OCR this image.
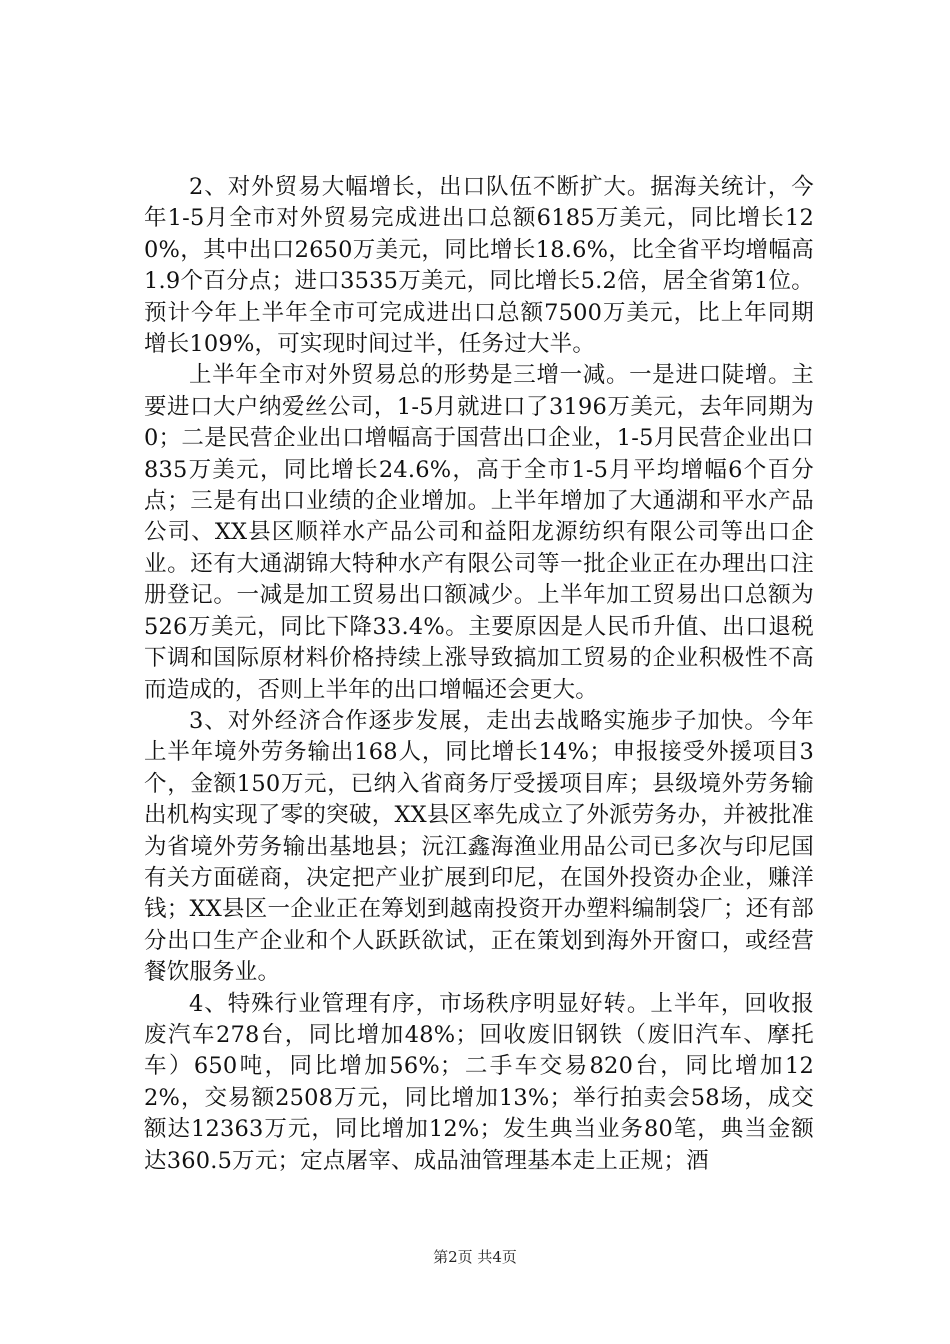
2、对外贸易大幅增长，出口队伍不断扩大。据海关统计，今年1-5月全市对外贸易完成进出口总额6185万美元，同比增长120%，其中出口2650万美元，同比增长18.6%，比全省平均增幅高1.9个百分点；进口3535万美元，同比增长5.2倍，居全省第1位。预计今年上半年全市可完成进出口总额7500万美元，比上年同期增长109%，可实现时间过半，任务过大半。

上半年全市对外贸易总的形势是三增一减。一是进口陡增。主要进口大户纳爱丝公司，1-5月就进口了3196万美元，去年同期为0；二是民营企业出口增幅高于国营出口企业，1-5月民营企业出口835万美元，同比增长24.6%，高于全市1-5月平均增幅6个百分点；三是有出口业绩的企业增加。上半年增加了大通湖和平水产品公司、XX县区顺祥水产品公司和益阳龙源纺织有限公司等出口企业。还有大通湖锦大特种水产有限公司等一批企业正在办理出口注册登记。一减是加工贸易出口额减少。上半年加工贸易出口总额为526万美元，同比下降33.4%。主要原因是人民币升值、出口退税下调和国际原材料价格持续上涨导致搞加工贸易的企业积极性不高而造成的，否则上半年的出口增幅还会更大。

3、对外经济合作逐步发展，走出去战略实施步子加快。今年上半年境外劳务输出168人，同比增长14%；申报接受外援项目3个，金额150万元，已纳入省商务厅受援项目库；县级境外劳务输出机构实现了零的突破，XX县区率先成立了外派劳务办，并被批准为省境外劳务输出基地县；沅江鑫海渔业用品公司已多次与印尼国有关方面磋商，决定把产业扩展到印尼，在国外投资办企业，赚洋钱；XX县区一企业正在筹划到越南投资开办塑料编制袋厂；还有部分出口生产企业和个人跃跃欲试，正在策划到海外开窗口，或经营餐饮服务业。

4、特殊行业管理有序，市场秩序明显好转。上半年，回收报废汽车278台，同比增加48%；回收废旧钢铁（废旧汽车、摩托车）650吨，同比增加56%；二手车交易820台，同比增加122%，交易额2508万元，同比增加13%；举行拍卖会58场，成交额达12363万元，同比增加12%；发生典当业务80笔，典当金额达360.5万元；定点屠宰、成品油管理基本走上正规；酒

第2页 共4页
